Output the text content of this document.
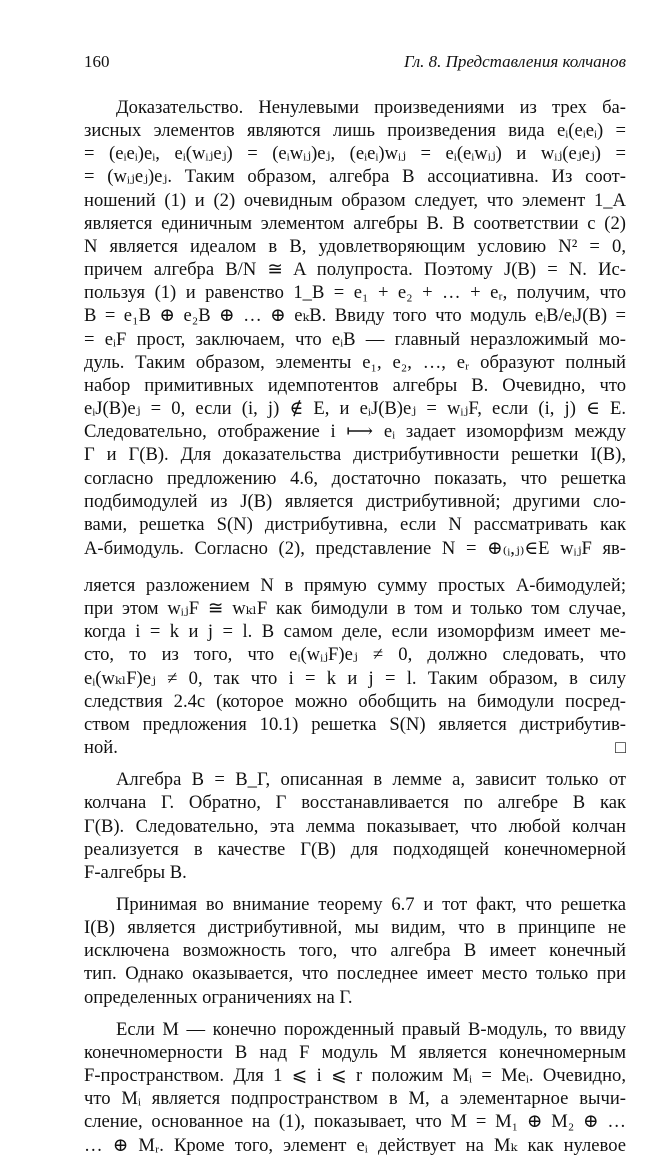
160	Гл. 8. Представления колчанов

Доказательство. Ненулевыми произведениями из трех ба-
зисных элементов являются лишь произведения вида eᵢ(eᵢeᵢ) =
= (eᵢeᵢ)eᵢ, eᵢ(wᵢⱼeⱼ) = (eᵢwᵢⱼ)eⱼ, (eᵢeᵢ)wᵢⱼ = eᵢ(eᵢwᵢⱼ) и wᵢⱼ(eⱼeⱼ) =
= (wᵢⱼeⱼ)eⱼ. Таким образом, алгебра B ассоциативна. Из соот-
ношений (1) и (2) очевидным образом следует, что элемент 1_A
является единичным элементом алгебры B. В соответствии с (2)
N является идеалом в B, удовлетворяющим условию N² = 0,
причем алгебра B/N ≅ A полупроста. Поэтому J(B) = N. Ис-
пользуя (1) и равенство 1_B = e₁ + e₂ + … + eᵣ, получим, что
B = e₁B ⊕ e₂B ⊕ … ⊕ eₖB. Ввиду того что модуль eᵢB/eᵢJ(B) =
= eᵢF прост, заключаем, что eᵢB — главный неразложимый мо-
дуль. Таким образом, элементы e₁, e₂, …, eᵣ образуют полный
набор примитивных идемпотентов алгебры B. Очевидно, что
eᵢJ(B)eⱼ = 0, если (i, j) ∉ E, и eᵢJ(B)eⱼ = wᵢⱼF, если (i, j) ∈ E.
Следовательно, отображение i ⟼ eᵢ задает изоморфизм между
Γ и Γ(B). Для доказательства дистрибутивности решетки I(B),
согласно предложению 4.6, достаточно показать, что решетка
подбимодулей из J(B) является дистрибутивной; другими сло-
вами, решетка S(N) дистрибутивна, если N рассматривать как
A-бимодуль. Согласно (2), представление N = ⊕₍ᵢ,ⱼ₎∈E wᵢⱼF яв-
ляется разложением N в прямую сумму простых A-бимодулей;
при этом wᵢⱼF ≅ wₖₗF как бимодули в том и только том случае,
когда i = k и j = l. В самом деле, если изоморфизм имеет ме-
сто, то из того, что eᵢ(wᵢⱼF)eⱼ ≠ 0, должно следовать, что
eᵢ(wₖₗF)eⱼ ≠ 0, так что i = k и j = l. Таким образом, в силу
следствия 2.4c (которое можно обобщить на бимодули посред-
ством предложения 10.1) решетка S(N) является дистрибутив-
ной.	□

Алгебра B = B_Γ, описанная в лемме a, зависит только от
колчана Γ. Обратно, Γ восстанавливается по алгебре B как
Γ(B). Следовательно, эта лемма показывает, что любой колчан
реализуется в качестве Γ(B) для подходящей конечномерной
F-алгебры B.

Принимая во внимание теорему 6.7 и тот факт, что решетка
I(B) является дистрибутивной, мы видим, что в принципе не
исключена возможность того, что алгебра B имеет конечный
тип. Однако оказывается, что последнее имеет место только при
определенных ограничениях на Γ.

Если M — конечно порожденный правый B-модуль, то ввиду
конечномерности B над F модуль M является конечномерным
F-пространством. Для 1 ⩽ i ⩽ r положим Mᵢ = Meᵢ. Очевидно,
что Mᵢ является подпространством в M, а элементарное вычи-
сление, основанное на (1), показывает, что M = M₁ ⊕ M₂ ⊕ …
… ⊕ Mᵣ. Кроме того, элемент eᵢ действует на Mₖ как нулевое
